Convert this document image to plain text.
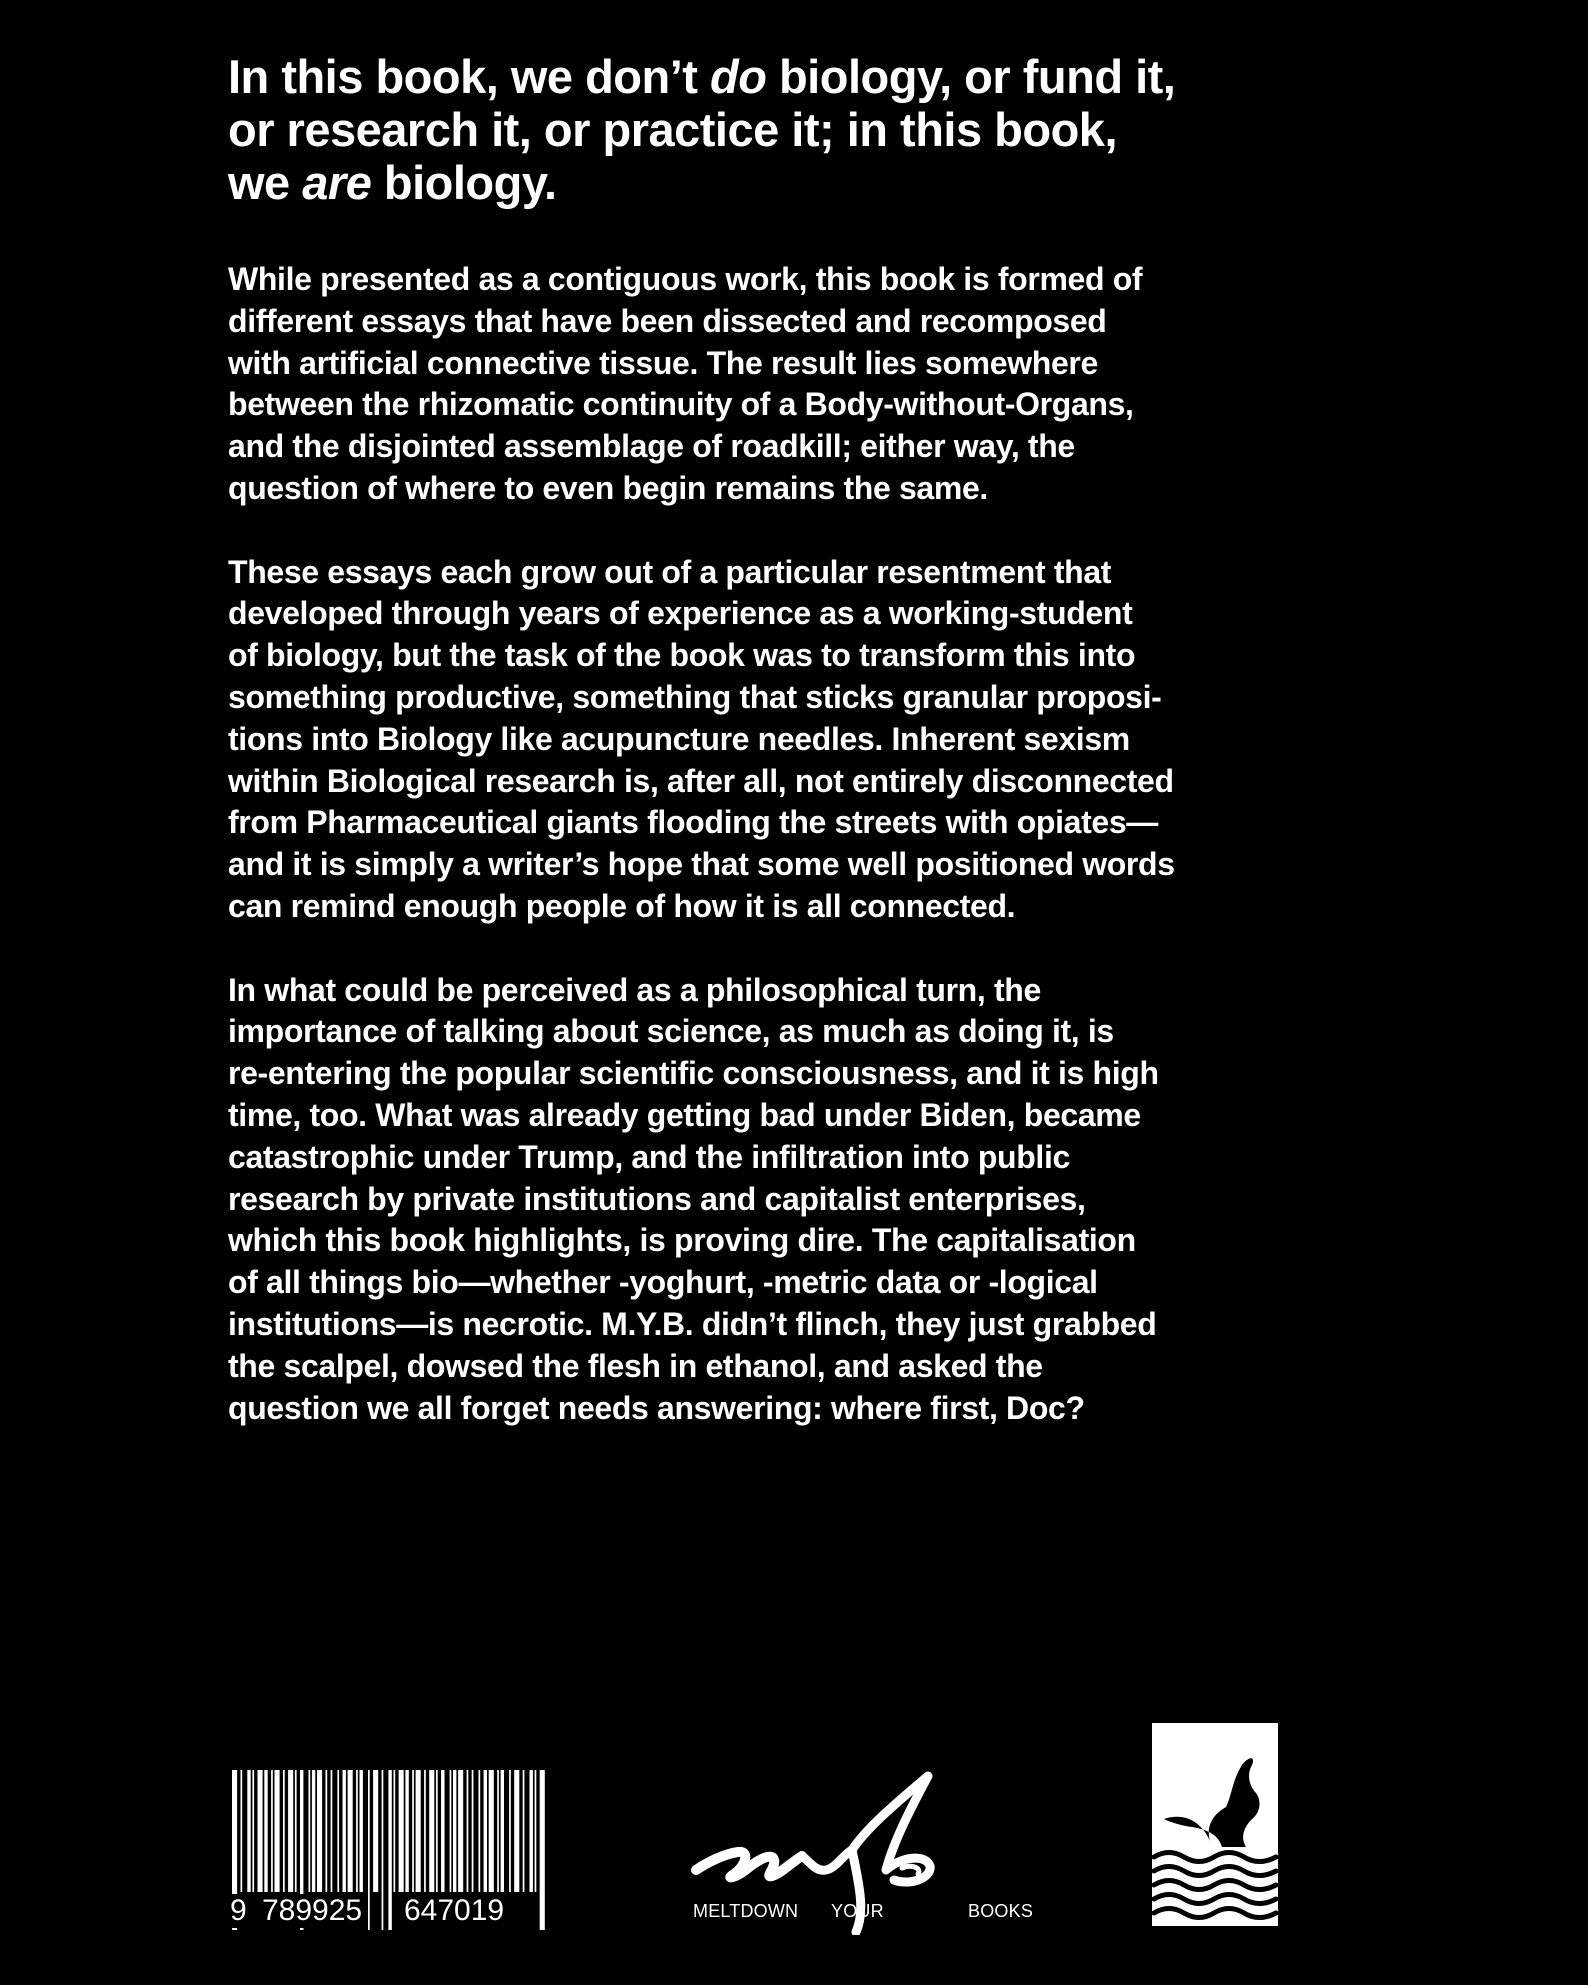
In this book, we don’t do biology, or fund it,
or research it, or practice it; in this book,
we are biology.

While presented as a contiguous work, this book is formed of
different essays that have been dissected and recomposed
with artificial connective tissue. The result lies somewhere
between the rhizomatic continuity of a Body-without-Organs,
and the disjointed assemblage of roadkill; either way, the
question of where to even begin remains the same.

These essays each grow out of a particular resentment that
developed through years of experience as a working-student
of biology, but the task of the book was to transform this into
something productive, something that sticks granular proposi-
tions into Biology like acupuncture needles. Inherent sexism
within Biological research is, after all, not entirely disconnected
from Pharmaceutical giants flooding the streets with opiates—
and it is simply a writer’s hope that some well positioned words
can remind enough people of how it is all connected.

In what could be perceived as a philosophical turn, the
importance of talking about science, as much as doing it, is
re-entering the popular scientific consciousness, and it is high
time, too. What was already getting bad under Biden, became
catastrophic under Trump, and the infiltration into public
research by private institutions and capitalist enterprises,
which this book highlights, is proving dire. The capitalisation
of all things bio—whether -yoghurt, -metric data or -logical
institutions—is necrotic. M.Y.B. didn’t flinch, they just grabbed
the scalpel, dowsed the flesh in ethanol, and asked the
question we all forget needs answering: where first, Doc?

9 789925 647019	MELTDOWN YOUR	BOOKS
